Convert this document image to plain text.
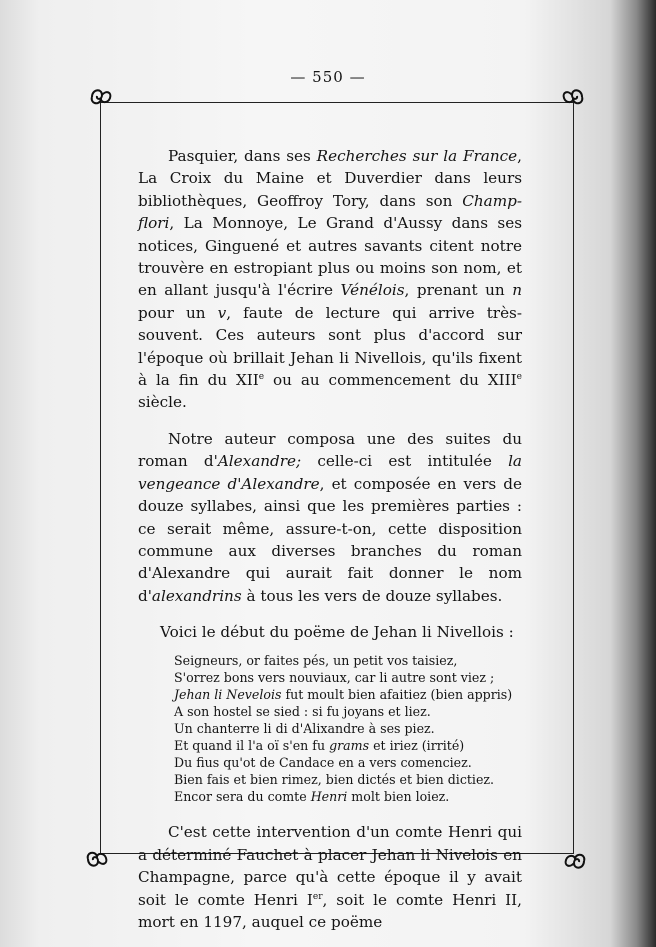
— 550 —

Pasquier, dans ses Recherches sur la France, La Croix du Maine et Duverdier dans leurs bibliothèques, Geoffroy Tory, dans son Champ-flori, La Monnoye, Le Grand d'Aussy dans ses notices, Ginguené et autres savants citent notre trouvère en estropiant plus ou moins son nom, et en allant jusqu'à l'écrire Vénélois, prenant un n pour un v, faute de lecture qui arrive très-souvent. Ces auteurs sont plus d'accord sur l'époque où brillait Jehan li Nivellois, qu'ils fixent à la fin du XIIe ou au commencement du XIIIe siècle.

Notre auteur composa une des suites du roman d'Alexandre; celle-ci est intitulée la vengeance d'Alexandre, et composée en vers de douze syllabes, ainsi que les premières parties : ce serait même, assure-t-on, cette disposition commune aux diverses branches du roman d'Alexandre qui aurait fait donner le nom d'alexandrins à tous les vers de douze syllabes.

Voici le début du poëme de Jehan li Nivellois :

Seigneurs, or faites pés, un petit vos taisiez,
S'orrez bons vers nouviaux, car li autre sont viez ;
Jehan li Nevelois fut moult bien afaitiez (bien appris)
A son hostel se sied : si fu joyans et liez.
Un chanterre li di d'Alixandre à ses piez.
Et quand il l'a oï s'en fu grams et iriez (irrité)
Du fius qu'ot de Candace en a vers comenciez.
Bien fais et bien rimez, bien dictés et bien dictiez.
Encor sera du comte Henri molt bien loiez.

C'est cette intervention d'un comte Henri qui a déterminé Fauchet à placer Jehan li Nivelois en Champagne, parce qu'à cette époque il y avait soit le comte Henri Ier, soit le comte Henri II, mort en 1197, auquel ce poëme
